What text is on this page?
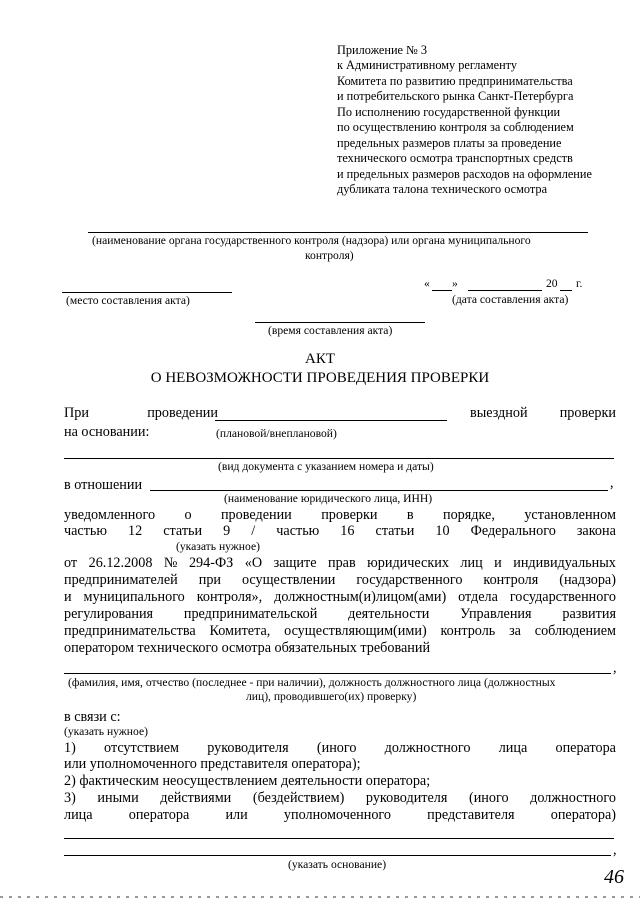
Приложение № 3
к Административному регламенту
Комитета по развитию предпринимательства
и потребительского рынка Санкт-Петербурга
По исполнению государственной функции
по осуществлению контроля за соблюдением
предельных размеров платы за проведение
технического осмотра транспортных средств
и предельных размеров расходов на оформление
дубликата талона технического осмотра
(наименование органа государственного контроля (надзора) или органа муниципального
контроля)
(место составления акта)
« »	20 г.
(дата составления акта)
(время составления акта)
АКТ
О НЕВОЗМОЖНОСТИ ПРОВЕДЕНИЯ ПРОВЕРКИ
При	проведении	выездной проверки
на основании:	(плановой/внеплановой)
(вид документа с указанием номера и даты)
в отношении	,
(наименование юридического лица, ИНН)
уведомленного о проведении проверки в порядке, установленном
частью 12 статьи 9 / частью 16 статьи 10 Федерального закона
(указать нужное)
от 26.12.2008 № 294-ФЗ «О защите прав юридических лиц и индивидуальных
предпринимателей при осуществлении государственного контроля (надзора)
и муниципального контроля», должностным(и)лицом(ами) отдела государственного
регулирования предпринимательской деятельности Управления развития
предпринимательства Комитета, осуществляющим(ими) контроль за соблюдением
оператором технического осмотра обязательных требований
,
(фамилия, имя, отчество (последнее - при наличии), должность должностного лица (должностных
лиц), проводившего(их) проверку)
в связи с:
(указать нужное)
1) отсутствием руководителя (иного должностного лица оператора
или уполномоченного представителя оператора);
2) фактическим неосуществлением деятельности оператора;
3) иными действиями (бездействием) руководителя (иного должностного
лица	оператора	или	уполномоченного	представителя	оператора)
,
(указать основание)
46
